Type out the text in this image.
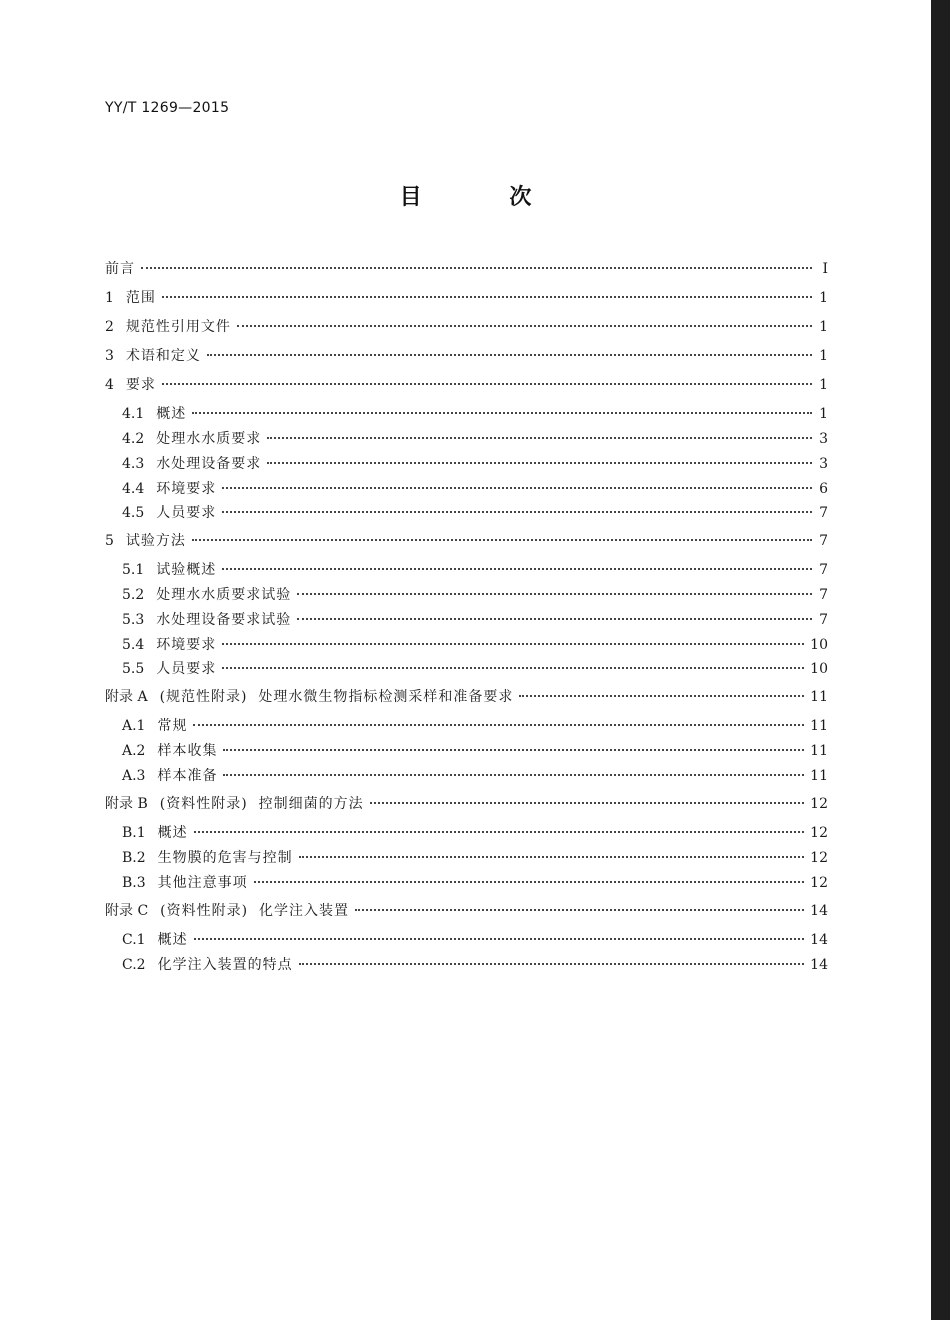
YY/T 1269—2015
目 次
前言	I
1 范围	1
2 规范性引用文件	1
3 术语和定义	1
4 要求	1
4.1 概述	1
4.2 处理水水质要求	3
4.3 水处理设备要求	3
4.4 环境要求	6
4.5 人员要求	7
5 试验方法	7
5.1 试验概述	7
5.2 处理水水质要求试验	7
5.3 水处理设备要求试验	7
5.4 环境要求	10
5.5 人员要求	10
附录 A (规范性附录)  处理水微生物指标检测采样和准备要求	11
A.1 常规	11
A.2 样本收集	11
A.3 样本准备	11
附录 B (资料性附录)  控制细菌的方法	12
B.1 概述	12
B.2 生物膜的危害与控制	12
B.3 其他注意事项	12
附录 C (资料性附录)  化学注入装置	14
C.1 概述	14
C.2 化学注入装置的特点	14
